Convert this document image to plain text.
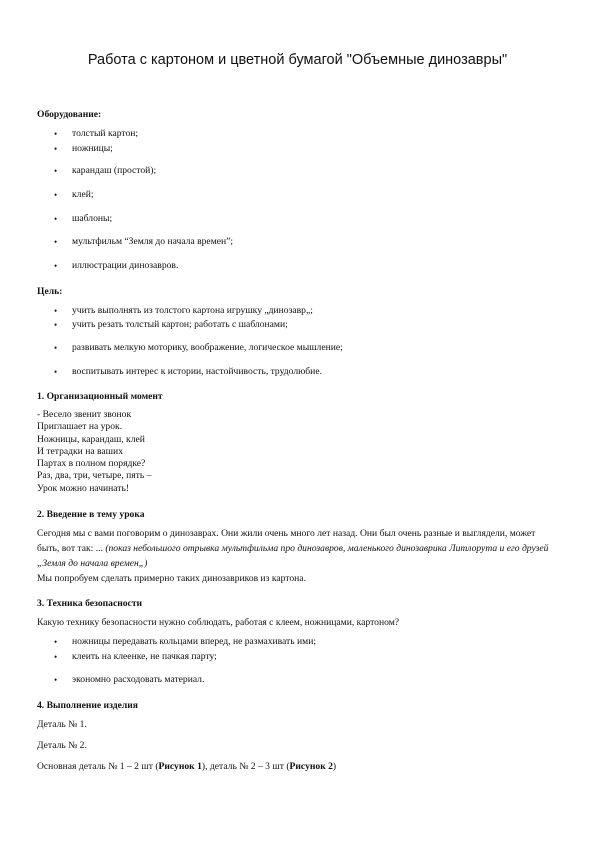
Работа с картоном и цветной бумагой "Объемные динозавры"

Оборудование:

• толстый картон;
• ножницы;
• карандаш (простой);
• клей;
• шаблоны;
• мультфильм “Земля до начала времен”;
• иллюстрации динозавров.

Цель:

• учить выполнять из толстого картона игрушку „динозавр„;
• учить резать толстый картон; работать с шаблонами;
• развивать мелкую моторику, воображение, логическое мышление;
• воспитывать интерес к истории, настойчивость, трудолюбие.

1. Организационный момент

- Весело звенит звонок
Приглашает на урок.
Ножницы, карандаш, клей
И тетрадки на ваших
Партах в полном порядке?
Раз, два, три, четыре, пять –
Урок можно начинать!

2. Введение в тему урока

Сегодня мы с вами поговорим о динозаврах. Они жили очень много лет назад. Они был очень разные и выглядели, может быть, вот так: ... (показ небольшого отрывка мультфильма про динозавров, маленького динозаврика Литлорута и его друзей „Земля до начала времен„)

Мы попробуем сделать примерно таких динозавриков из картона.

3. Техника безопасности

Какую технику безопасности нужно соблюдать, работая с клеем, ножницами, картоном?

• ножницы передавать кольцами вперед, не размахивать ими;
• клеить на клеенке, не пачкая парту;
• экономно расходовать материал.

4. Выполнение изделия

Деталь № 1.

Деталь № 2.

Основная деталь № 1 – 2 шт (Рисунок 1), деталь № 2 – 3 шт (Рисунок 2)
